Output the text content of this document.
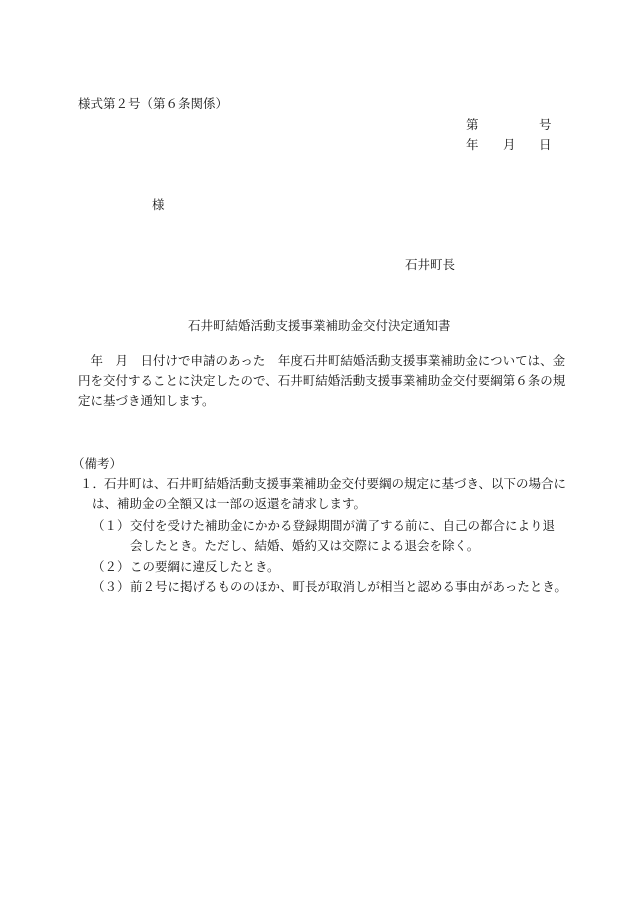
様式第２号（第６条関係）
第	号
年 月 日
様
石井町長
石井町結婚活動支援事業補助金交付決定通知書
　年　月　日付けで申請のあった　年度石井町結婚活動支援事業補助金については、金
円を交付することに決定したので、石井町結婚活動支援事業補助金交付要綱第６条の規
定に基づき通知します。
（備考）
１．
石井町は、石井町結婚活動支援事業補助金交付要綱の規定に基づき、以下の場合に
は、補助金の全額又は一部の返還を請求します。
（１） 交付を受けた補助金にかかる登録期間が満了する前に、自己の都合により退
会したとき。ただし、結婚、婚約又は交際による退会を除く。
（２） この要綱に違反したとき。
（３） 前２号に掲げるもののほか、町長が取消しが相当と認める事由があったとき。
